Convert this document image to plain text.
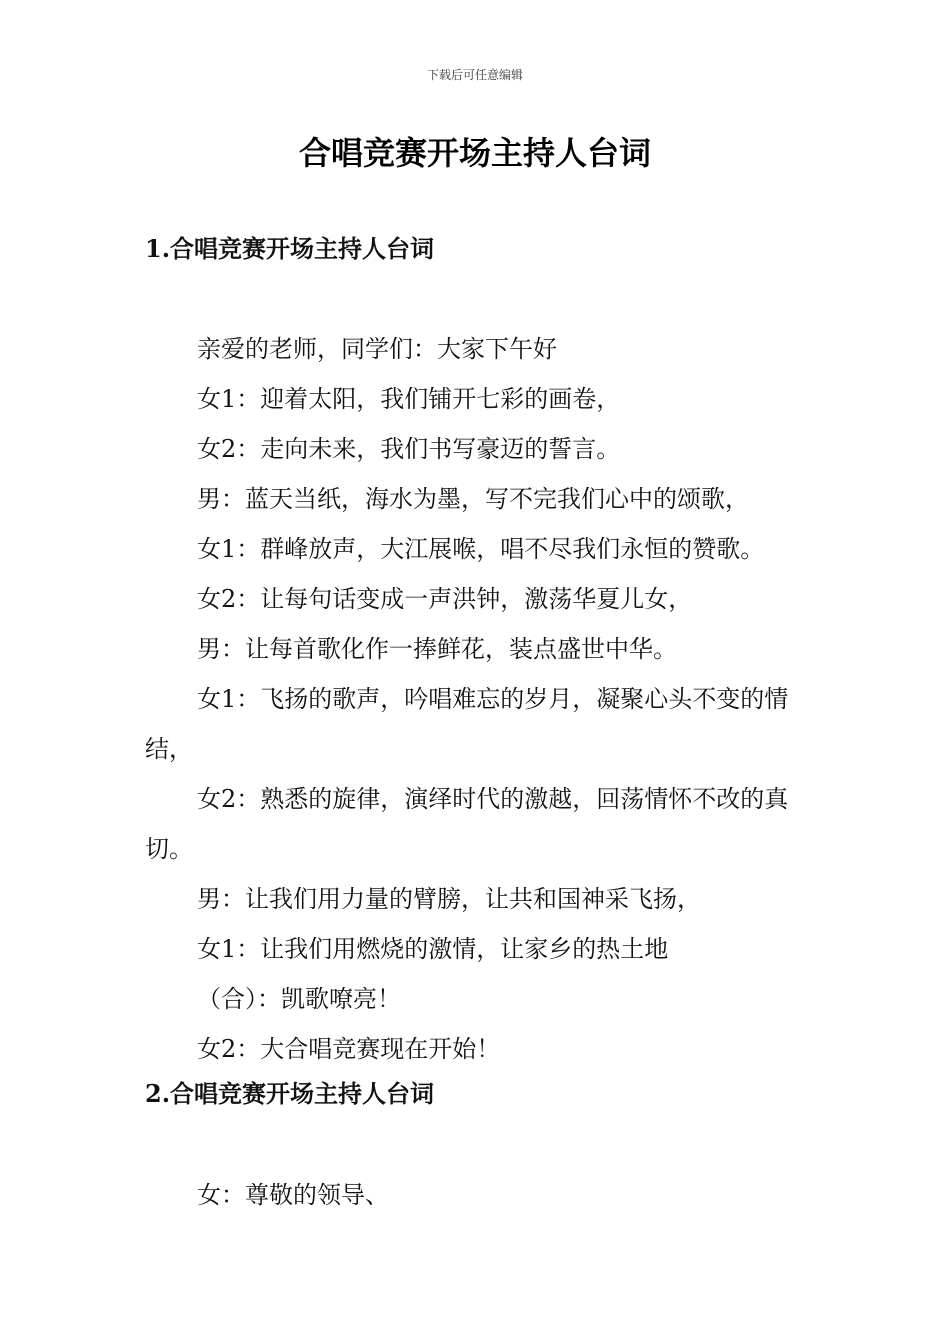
下载后可任意编辑
合唱竞赛开场主持人台词
1.合唱竞赛开场主持人台词

亲爱的老师，同学们：大家下午好

女1：迎着太阳，我们铺开七彩的画卷，

女2：走向未来，我们书写豪迈的誓言。

男：蓝天当纸，海水为墨，写不完我们心中的颂歌，

女1：群峰放声，大江展喉，唱不尽我们永恒的赞歌。

女2：让每句话变成一声洪钟，激荡华夏儿女，

男：让每首歌化作一捧鲜花，装点盛世中华。

女1：飞扬的歌声，吟唱难忘的岁月，凝聚心头不变的情结，

女2：熟悉的旋律，演绎时代的激越，回荡情怀不改的真切。

男：让我们用力量的臂膀，让共和国神采飞扬，

女1：让我们用燃烧的激情，让家乡的热土地

（合）：凯歌嘹亮！

女2：大合唱竞赛现在开始！

2.合唱竞赛开场主持人台词

女：尊敬的领导、
